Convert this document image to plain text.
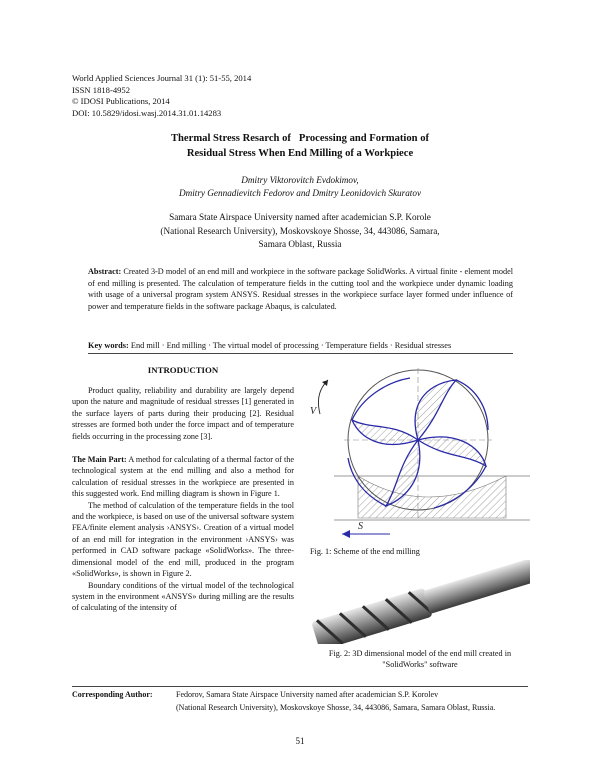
World Applied Sciences Journal 31 (1): 51-55, 2014
ISSN 1818-4952
© IDOSI Publications, 2014
DOI: 10.5829/idosi.wasj.2014.31.01.14283
Thermal Stress Resarch of   Processing and Formation of
Residual Stress When End Milling of a Workpiece
Dmitry Viktorovitch Evdokimov,
Dmitry Gennadievitch Fedorov and Dmitry Leonidovich Skuratov
Samara State Airspace University named after academician S.P. Korole
(National Research University), Moskovskoye Shosse, 34, 443086, Samara,
Samara Oblast, Russia
Abstract: Created 3-D model of an end mill and workpiece in the software package SolidWorks. A virtual finite - element model of end milling is presented. The calculation of temperature fields in the cutting tool and the workpiece under dynamic loading with usage of a universal program system ANSYS. Residual stresses in the workpiece surface layer formed under influence of power and temperature fields in the software package Abaqus, is calculated.
Key words: End mill · End milling · The virtual model of processing · Temperature fields · Residual stresses
INTRODUCTION

Product quality, reliability and durability are largely depend upon the nature and magnitude of residual stresses [1] generated in the surface layers of parts during their producing [2]. Residual stresses are formed both under the force impact and of temperature fields occurring in the processing zone [3].

The Main Part: A method for calculating of a thermal factor of the technological system at the end milling and also a method for calculation of residual stresses in the workpiece are presented in this suggested work. End milling diagram is shown in Figure 1.

The method of calculation of the temperature fields in the tool and the workpiece, is based on use of the universal software system FEA/finite element analysis ›ANSYS›. Creation of a virtual model of an end mill for integration in the environment ›ANSYS› was performed in CAD software package «SolidWorks». The three-dimensional model of the end mill, produced in the program «SolidWorks», is shown in Figure 2.

Boundary conditions of the virtual model of the technological system in the environment «ANSYS» during milling are the results of calculating of the intensity of

V
S
Fig. 1: Scheme of the end milling
Fig. 2: 3D dimensional model of the end mill created in "SolidWorks" software
Corresponding Author:	Fedorov, Samara State Airspace University named after academician S.P. Korolev
(National Research University), Moskovskoye Shosse, 34, 443086, Samara, Samara Oblast, Russia.
51
